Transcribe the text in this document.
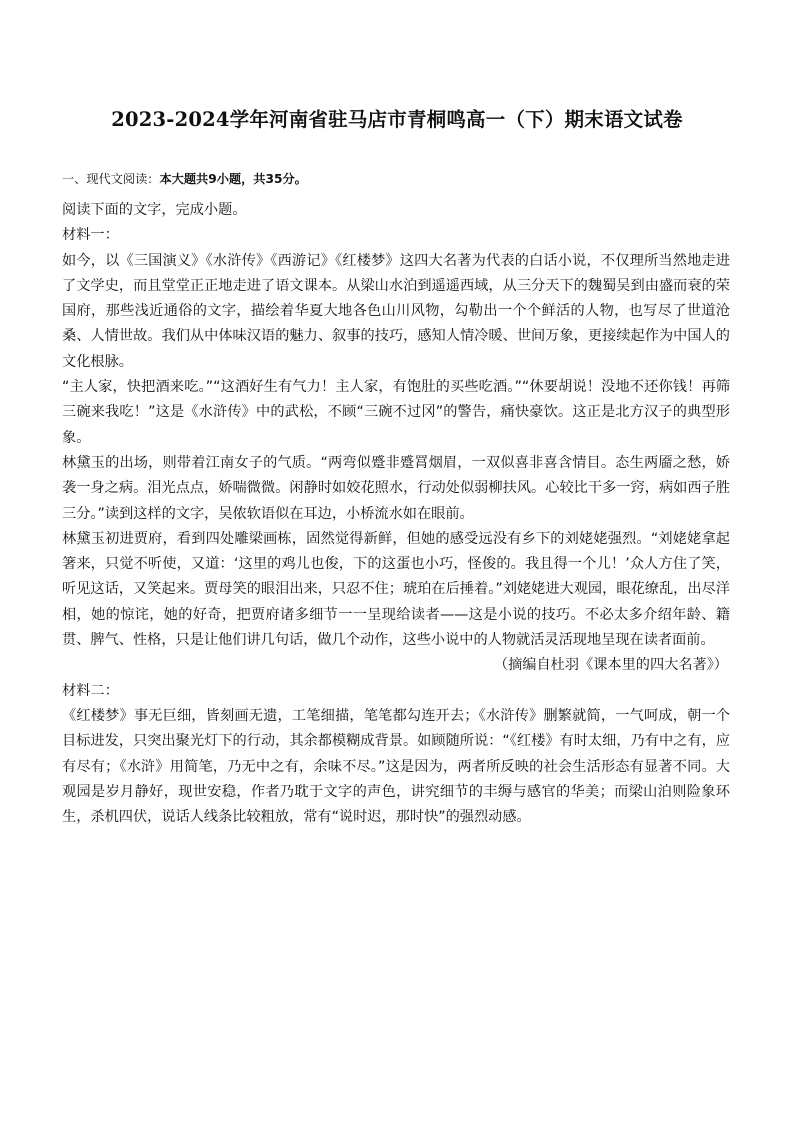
2023-2024学年河南省驻马店市青桐鸣高一（下）期末语文试卷

一、现代文阅读：本大题共9小题，共35分。

阅读下面的文字，完成小题。

材料一：

如今，以《三国演义》《水浒传》《西游记》《红楼梦》这四大名著为代表的白话小说，不仅理所当然地走进了文学史，而且堂堂正正地走进了语文课本。从梁山水泊到遥遥西域，从三分天下的魏蜀吴到由盛而衰的荣国府，那些浅近通俗的文字，描绘着华夏大地各色山川风物，勾勒出一个个鲜活的人物，也写尽了世道沧桑、人情世故。我们从中体味汉语的魅力、叙事的技巧，感知人情冷暖、世间万象，更接续起作为中国人的文化根脉。

“主人家，快把酒来吃。”“这酒好生有气力！主人家，有饱肚的买些吃酒。”“休要胡说！没地不还你钱！再筛三碗来我吃！”这是《水浒传》中的武松，不顾“三碗不过冈”的警告，痛快豪饮。这正是北方汉子的典型形象。

林黛玉的出场，则带着江南女子的气质。“两弯似蹙非蹙罥烟眉，一双似喜非喜含情目。态生两靥之愁，娇袭一身之病。泪光点点，娇喘微微。闲静时如姣花照水，行动处似弱柳扶风。心较比干多一窍，病如西子胜三分。”读到这样的文字，吴侬软语似在耳边，小桥流水如在眼前。

林黛玉初进贾府，看到四处雕梁画栋，固然觉得新鲜，但她的感受远没有乡下的刘姥姥强烈。“刘姥姥拿起箸来，只觉不听使，又道：‘这里的鸡儿也俊，下的这蛋也小巧，怪俊的。我且得一个儿！’众人方住了笑，听见这话，又笑起来。贾母笑的眼泪出来，只忍不住；琥珀在后捶着。”刘姥姥进大观园，眼花缭乱，出尽洋相，她的惊诧，她的好奇，把贾府诸多细节一一呈现给读者——这是小说的技巧。不必太多介绍年龄、籍贯、脾气、性格，只是让他们讲几句话，做几个动作，这些小说中的人物就活灵活现地呈现在读者面前。

（摘编自杜羽《课本里的四大名著》）

材料二：

《红楼梦》事无巨细，皆刻画无遗，工笔细描，笔笔都勾连开去；《水浒传》删繁就简，一气呵成，朝一个目标进发，只突出聚光灯下的行动，其余都模糊成背景。如顾随所说：“《红楼》有时太细，乃有中之有，应有尽有；《水浒》用简笔，乃无中之有，余味不尽。”这是因为，两者所反映的社会生活形态有显著不同。大观园是岁月静好，现世安稳，作者乃耽于文字的声色，讲究细节的丰缛与感官的华美；而梁山泊则险象环生，杀机四伏，说话人线条比较粗放，常有“说时迟，那时快”的强烈动感。
